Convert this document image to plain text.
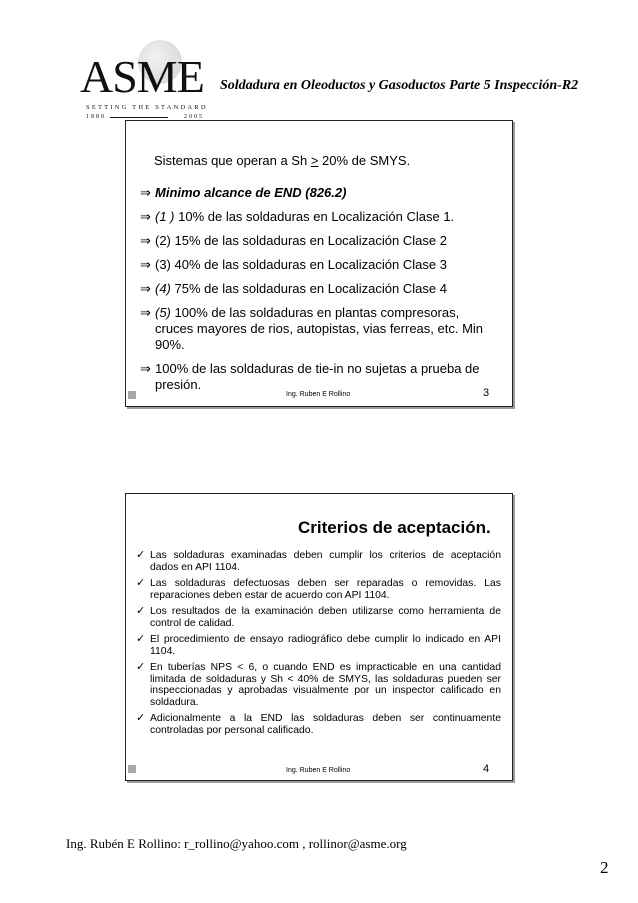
ASME
SETTING THE STANDARD
1880	2005
Soldadura en Oleoductos y Gasoductos Parte 5 Inspección-R2
Sistemas que operan a Sh ≥ 20% de SMYS.
⇒ Minimo alcance de END (826.2)
⇒ (1 ) 10% de las soldaduras en Localización Clase 1.
⇒ (2) 15% de las soldaduras en Localización Clase 2
⇒ (3) 40% de las soldaduras en Localización Clase 3
⇒ (4) 75% de las soldaduras en Localización Clase 4
⇒ (5) 100% de las soldaduras en plantas compresoras, cruces mayores de rios, autopistas, vias ferreas, etc. Min 90%.
⇒ 100% de las soldaduras de tie-in no sujetas a prueba de presión.
Ing. Ruben E Rollino	3
Criterios de aceptación.
✓ Las soldaduras examinadas deben cumplir los criterios de aceptación dados en API 1104.
✓ Las soldaduras defectuosas deben ser reparadas o removidas. Las reparaciones deben estar de acuerdo con API 1104.
✓ Los resultados de la examinación deben utilizarse como herramienta de control de calidad.
✓ El procedimiento de ensayo radiográfico debe cumplir lo indicado en API 1104.
✓ En tuberías NPS < 6, o cuando END es impracticable en una cantidad limitada de soldaduras y Sh < 40% de SMYS, las soldaduras pueden ser inspeccionadas y aprobadas visualmente por un inspector calificado en soldadura.
✓ Adicionalmente a la END las soldaduras deben ser continuamente controladas por personal calificado.
Ing. Ruben E Rollino	4
Ing. Rubén E Rollino: r_rollino@yahoo.com , rollinor@asme.org
2
